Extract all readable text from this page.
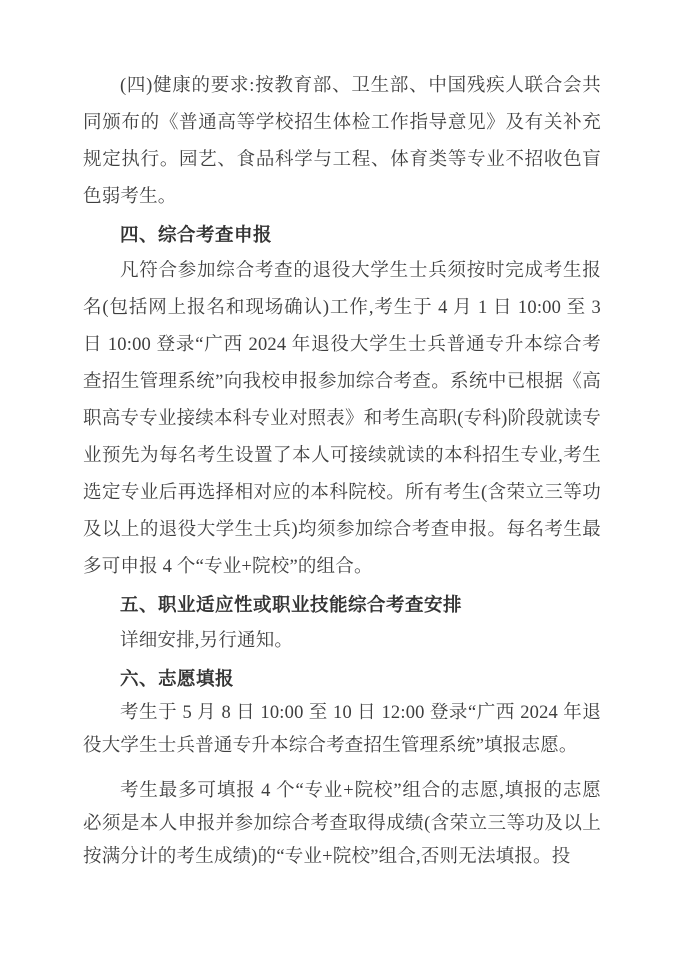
(四)健康的要求:按教育部、卫生部、中国残疾人联合会共同颁布的《普通高等学校招生体检工作指导意见》及有关补充规定执行。园艺、食品科学与工程、体育类等专业不招收色盲色弱考生。

四、综合考查申报

凡符合参加综合考查的退役大学生士兵须按时完成考生报名(包括网上报名和现场确认)工作,考生于 4 月 1 日 10:00 至 3 日 10:00 登录“广西 2024 年退役大学生士兵普通专升本综合考查招生管理系统”向我校申报参加综合考查。系统中已根据《高职高专专业接续本科专业对照表》和考生高职(专科)阶段就读专业预先为每名考生设置了本人可接续就读的本科招生专业,考生选定专业后再选择相对应的本科院校。所有考生(含荣立三等功及以上的退役大学生士兵)均须参加综合考查申报。每名考生最多可申报 4 个“专业+院校”的组合。

五、职业适应性或职业技能综合考查安排

详细安排,另行通知。

六、志愿填报

考生于 5 月 8 日 10:00 至 10 日 12:00 登录“广西 2024 年退役大学生士兵普通专升本综合考查招生管理系统”填报志愿。

考生最多可填报 4 个“专业+院校”组合的志愿,填报的志愿必须是本人申报并参加综合考查取得成绩(含荣立三等功及以上按满分计的考生成绩)的“专业+院校”组合,否则无法填报。投
